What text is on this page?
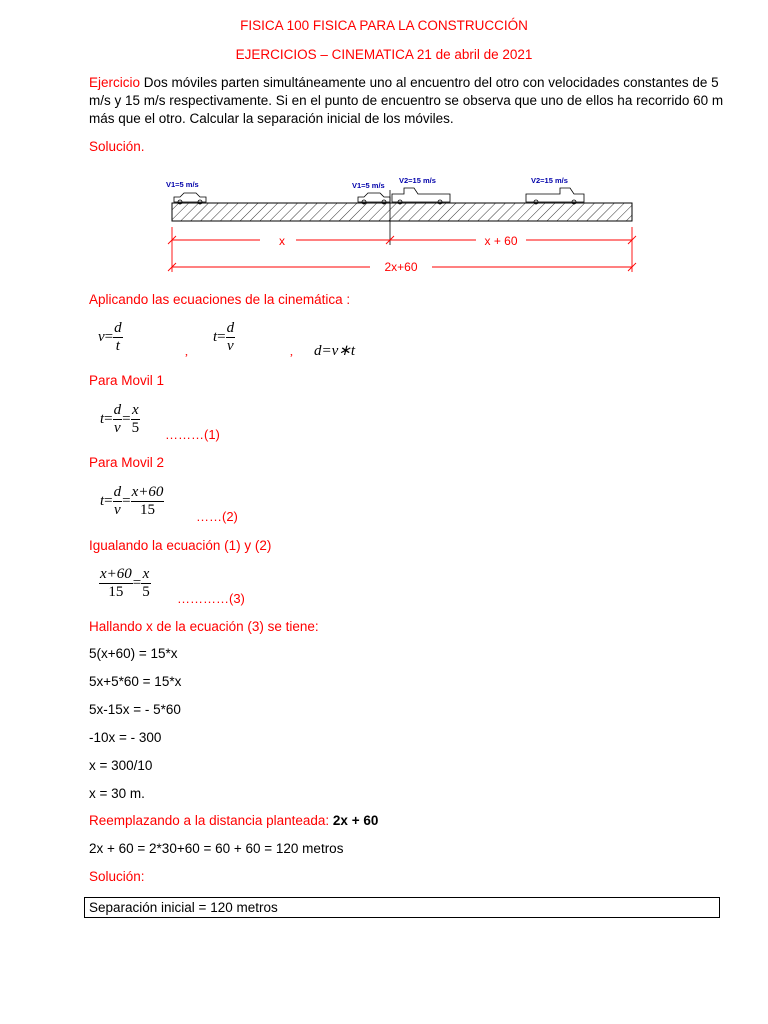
FISICA 100 FISICA PARA LA CONSTRUCCIÓN
EJERCICIOS – CINEMATICA 21 de abril de 2021
Ejercicio Dos móviles parten simultáneamente uno al encuentro del otro con velocidades constantes de 5 m/s y 15 m/s respectivamente. Si en el punto de encuentro se observa que uno de ellos ha recorrido 60 m más que el otro. Calcular la separación inicial de los móviles.
Solución.
V1=5 m/s	V1=5 m/s
V2=15 m/s	V2=15 m/s
x	x + 60
2x+60
Aplicando las ecuaciones de la cinemática :
$v= \frac{d}{t}$	$t= \frac{d}{v}$
,	, d=v∗t
Para Movil 1
$t= \frac{d}{v} = \frac{x}{5}$ ………(1)
Para Movil 2
$t= \frac{d}{v} = \frac{x+60}{15}$ ……(2)
Igualando la ecuación (1) y (2)
$\frac{x+60}{15} = \frac{x}{5}$ …………(3)
Hallando x de la ecuación (3) se tiene:
5(x+60) = 15*x
5x+5*60 = 15*x
5x-15x = - 5*60
-10x = - 300
x = 300/10
x = 30 m.
Reemplazando a la distancia planteada: 2x + 60
2x + 60 = 2*30+60 = 60 + 60 = 120 metros
Solución:
Separación inicial = 120 metros
